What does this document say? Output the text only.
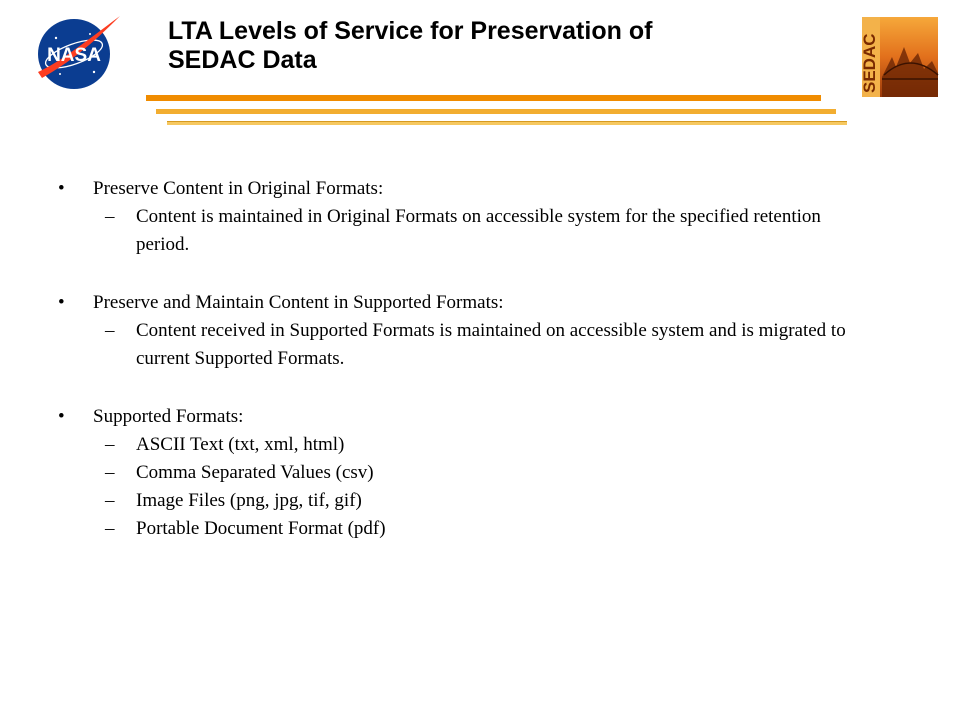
NASA
LTA Levels of Service for Preservation of
SEDAC Data	SEDAC
• Preserve Content in Original Formats:
– Content is maintained in Original Formats on accessible system for the specified retention period.
• Preserve and Maintain Content in Supported Formats:
– Content received in Supported Formats is maintained on accessible system and is migrated to current Supported Formats.
• Supported Formats:
– ASCII Text (txt, xml, html)
– Comma Separated Values (csv)
– Image Files (png, jpg, tif, gif)
– Portable Document Format (pdf)
